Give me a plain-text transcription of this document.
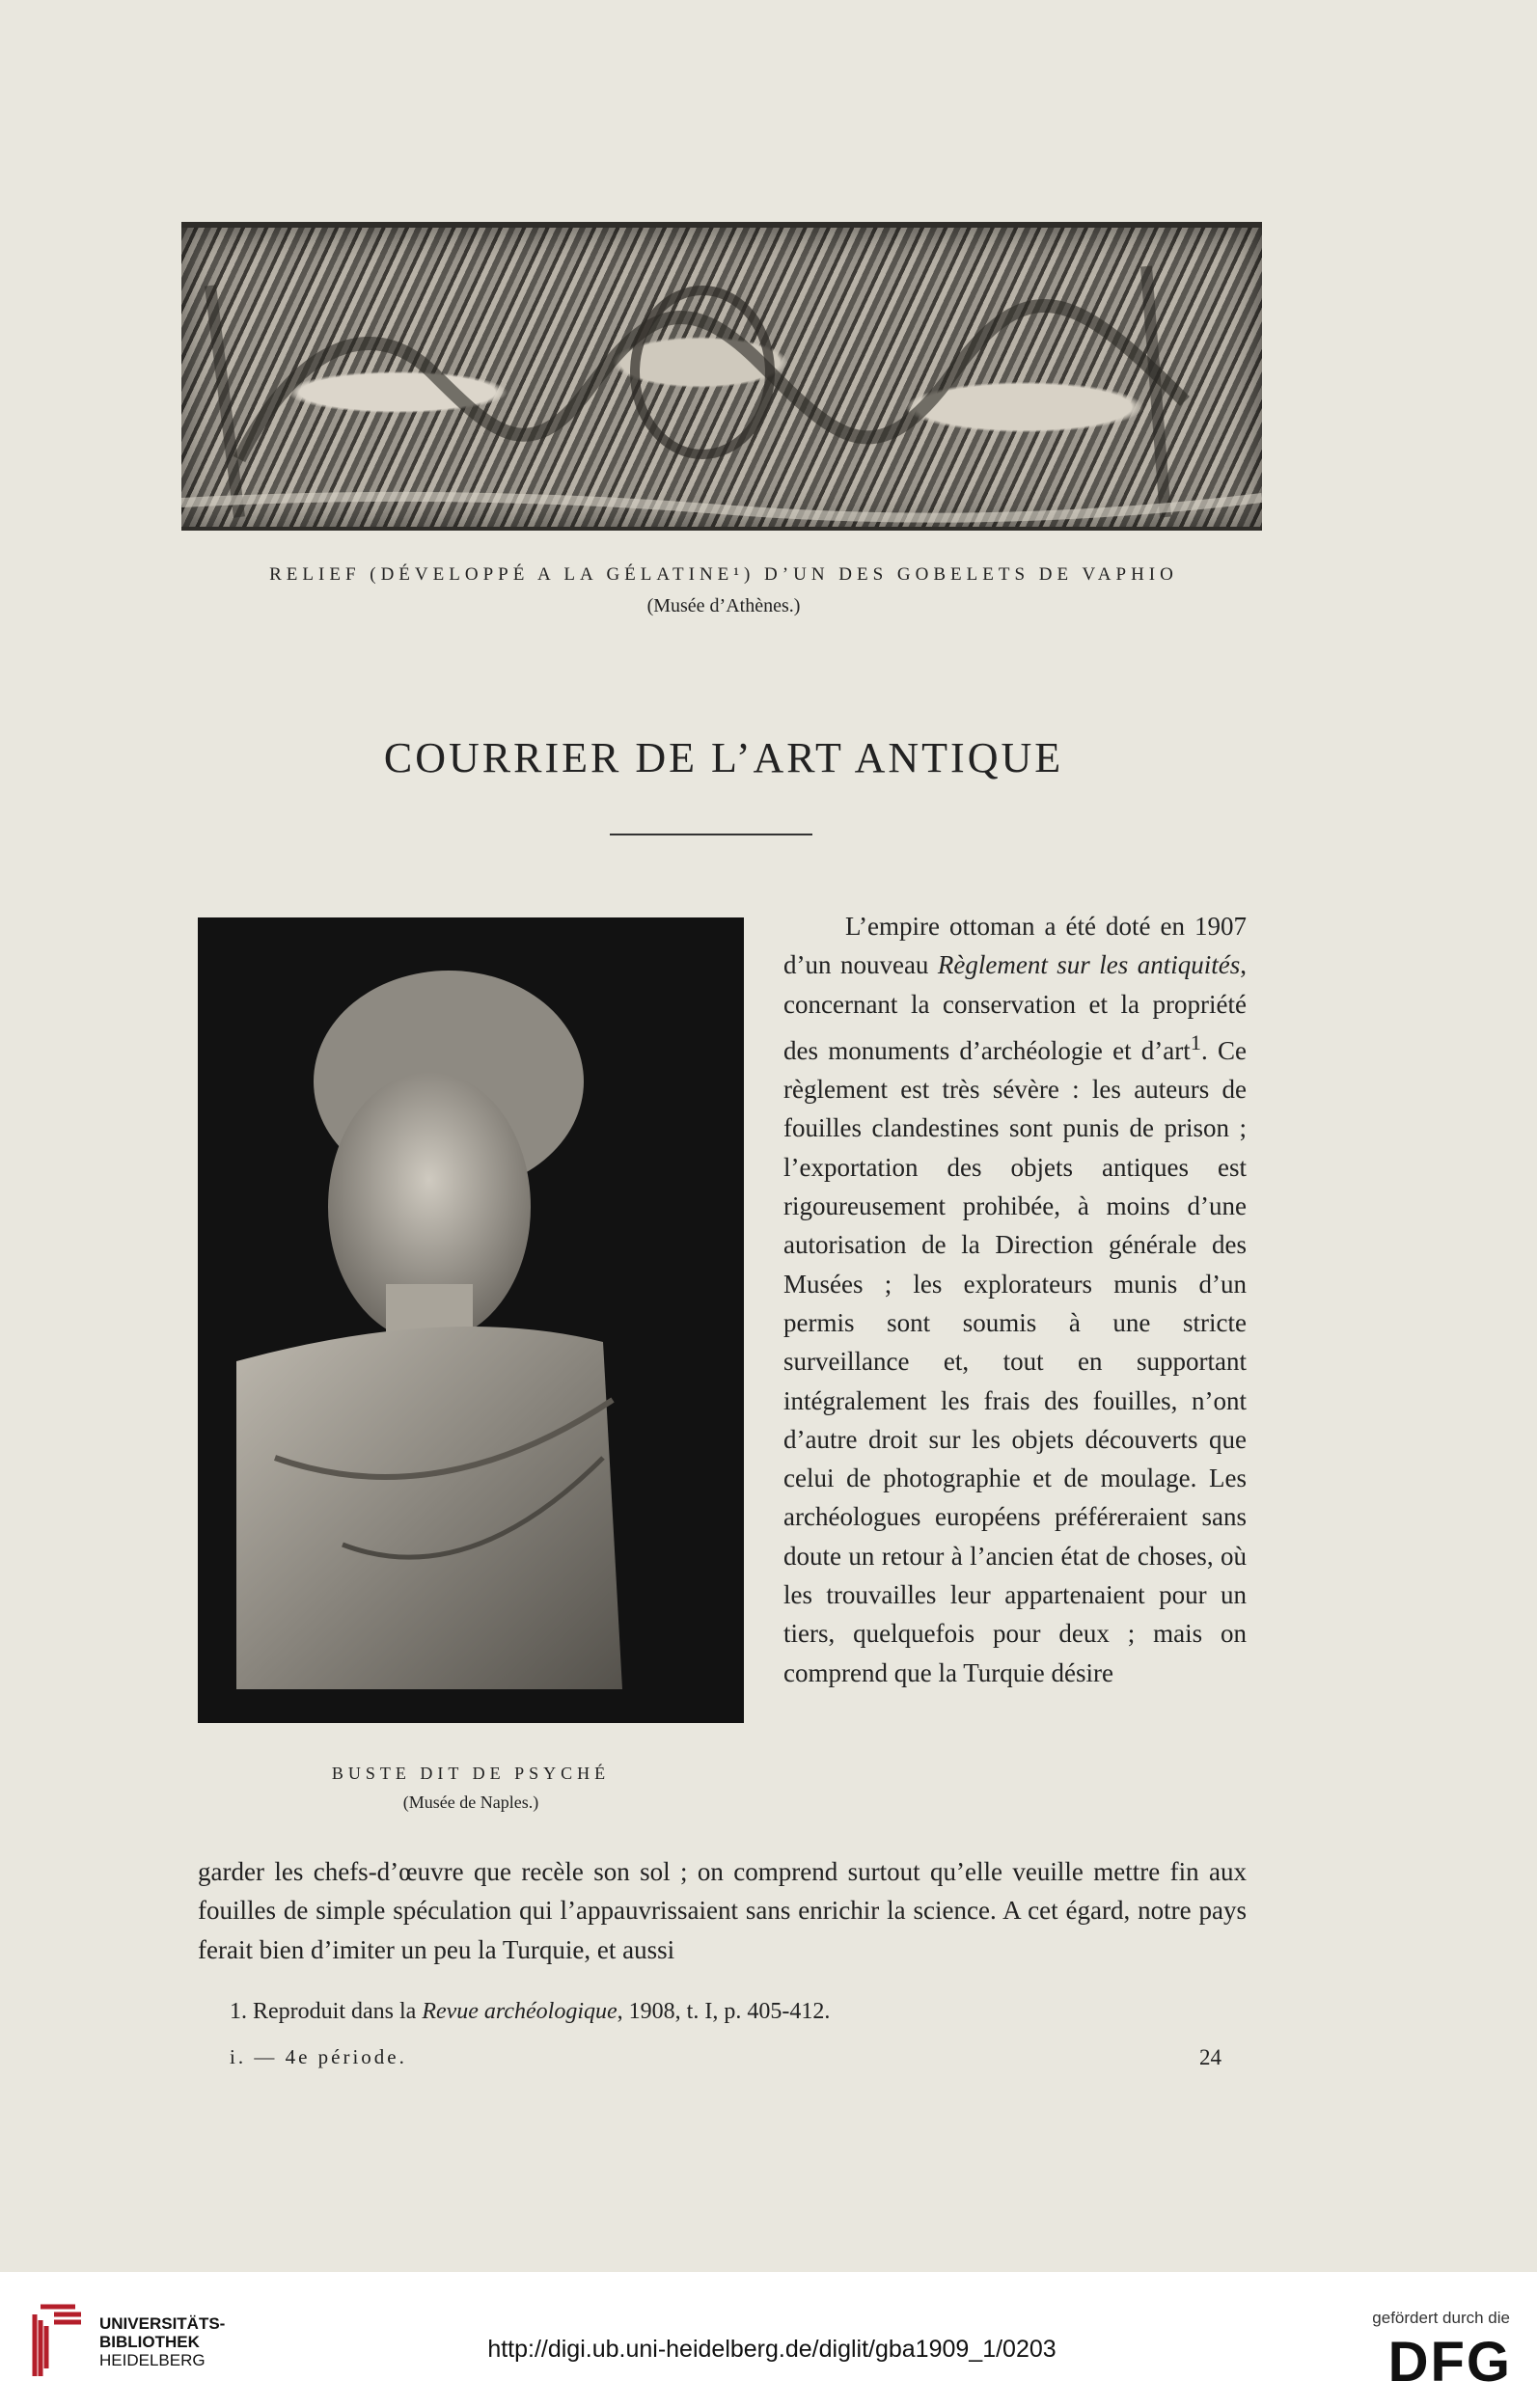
RELIEF (DÉVELOPPÉ A LA GÉLATINE¹) D’UN DES GOBELETS DE VAPHIO
(Musée d’Athènes.)
COURRIER DE L’ART ANTIQUE
BUSTE DIT DE PSYCHÉ
(Musée de Naples.)

L’empire ottoman a été doté en 1907 d’un nouveau Règlement sur les antiquités, concernant la conservation et la propriété des monuments d’archéologie et d’art$^1$. Ce règlement est très sévère : les auteurs de fouilles clandestines sont punis de prison ; l’exportation des objets antiques est rigoureusement prohibée, à moins d’une autorisation de la Direction générale des Musées ; les explorateurs munis d’un permis sont soumis à une stricte surveillance et, tout en supportant intégralement les frais des fouilles, n’ont d’autre droit sur les objets découverts que celui de photographie et de moulage. Les archéologues européens préféreraient sans doute un retour à l’ancien état de choses, où les trouvailles leur appartenaient pour un tiers, quelquefois pour deux ; mais on comprend que la Turquie désire

garder les chefs-d’œuvre que recèle son sol ; on comprend surtout qu’elle veuille mettre fin aux fouilles de simple spéculation qui l’appauvrissaient sans enrichir la science. A cet égard, notre pays ferait bien d’imiter un peu la Turquie, et aussi

1. Reproduit dans la Revue archéologique, 1908, t. I, p. 405-412.
i. — 4e période.	24
UNIVERSITÄTS-
BIBLIOTHEK
HEIDELBERG	http://digi.ub.uni-heidelberg.de/diglit/gba1909_1/0203
gefördert durch die
DFG
